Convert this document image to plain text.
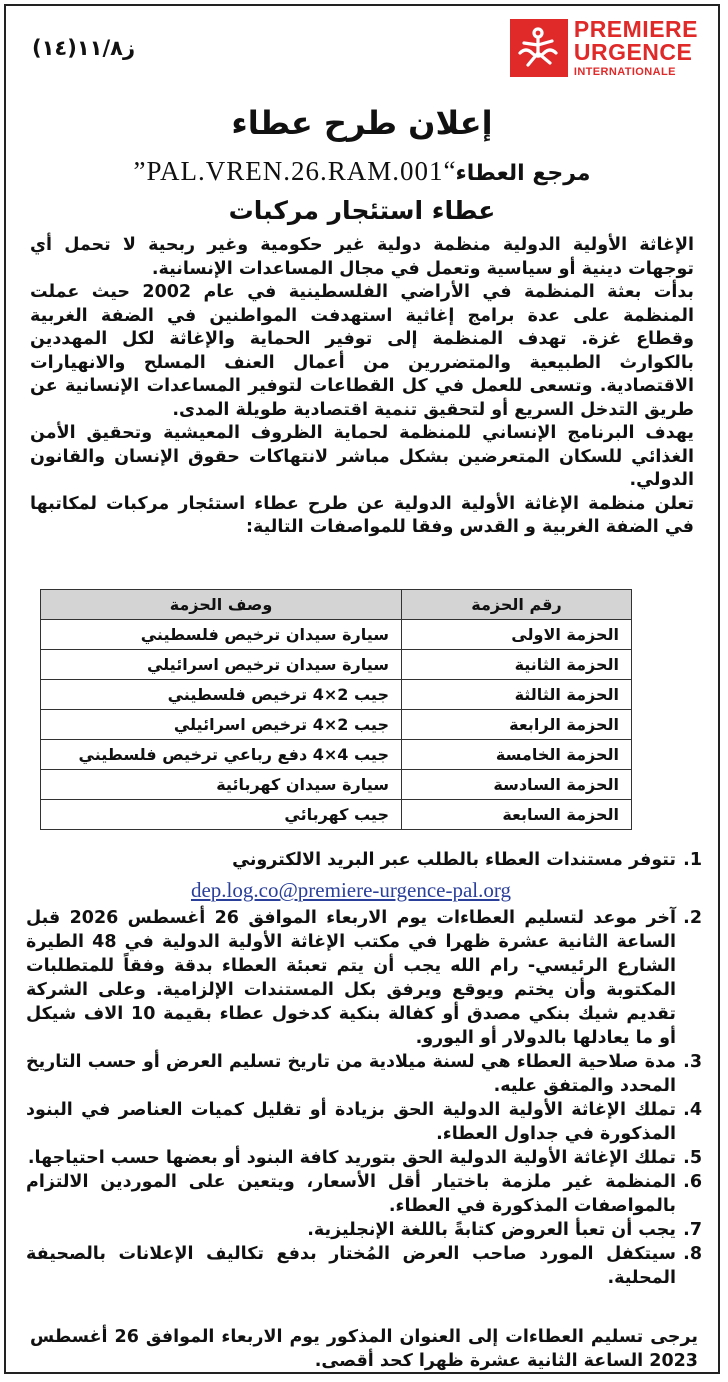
ز١١/٨(١٤)
PREMIERE
URGENCE
INTERNATIONALE
إعلان طرح عطاء
مرجع العطاء“PAL.VREN.26.RAM.001”
عطاء استئجار مركبات

الإغاثة الأولية الدولية منظمة دولية غير حكومية وغير ربحية لا تحمل أي توجهات دينية أو سياسية وتعمل في مجال المساعدات الإنسانية.

بدأت بعثة المنظمة في الأراضي الفلسطينية في عام 2002 حيث عملت المنظمة على عدة برامج إغاثية استهدفت المواطنين في الضفة الغربية وقطاع غزة. تهدف المنظمة إلى توفير الحماية والإغاثة لكل المهددين بالكوارث الطبيعية والمتضررين من أعمال العنف المسلح والانهيارات الاقتصادية. وتسعى للعمل في كل القطاعات لتوفير المساعدات الإنسانية عن طريق التدخل السريع أو لتحقيق تنمية اقتصادية طويلة المدى.

يهدف البرنامج الإنساني للمنظمة لحماية الظروف المعيشية وتحقيق الأمن الغذائي للسكان المتعرضين بشكل مباشر لانتهاكات حقوق الإنسان والقانون الدولي.

تعلن منظمة الإغاثة الأولية الدولية عن طرح عطاء استئجار مركبات لمكاتبها في الضفة الغربية و القدس وفقا للمواصفات التالية:

رقم الحزمة	وصف الحزمة
الحزمة الاولى	سيارة سيدان ترخيص فلسطيني
الحزمة الثانية	سيارة سيدان ترخيص اسرائيلي
الحزمة الثالثة	جيب 2×4 ترخيص فلسطيني
الحزمة الرابعة	جيب 2×4 ترخيص اسرائيلي
الحزمة الخامسة	جيب 4×4 دفع رباعي ترخيص فلسطيني
الحزمة السادسة	سيارة سيدان كهربائية
الحزمة السابعة	جيب كهربائي
1.
تتوفر مستندات العطاء بالطلب عبر البريد الالكتروني
dep.log.co@premiere-urgence-pal.org
2.
آخر موعد لتسليم العطاءات يوم الاربعاء الموافق 26 أغسطس 2026 قبل الساعة الثانية عشرة ظهرا في مكتب الإغاثة الأولية الدولية في 48 الطيرة الشارع الرئيسي- رام الله يجب أن يتم تعبئة العطاء بدقة وفقاً للمتطلبات المكتوبة وأن يختم ويوقع ويرفق بكل المستندات الإلزامية. وعلى الشركة تقديم شيك بنكي مصدق أو كفالة بنكية كدخول عطاء بقيمة 10 الاف شيكل أو ما يعادلها بالدولار أو اليورو.
3.
مدة صلاحية العطاء هي لسنة ميلادية من تاريخ تسليم العرض أو حسب التاريخ المحدد والمتفق عليه.
4.
تملك الإغاثة الأولية الدولية الحق بزيادة أو تقليل كميات العناصر في البنود المذكورة في جداول العطاء.
5.
تملك الإغاثة الأولية الدولية الحق بتوريد كافة البنود أو بعضها حسب احتياجها.
6.
المنظمة غير ملزمة باختيار أقل الأسعار، ويتعين على الموردين الالتزام بالمواصفات المذكورة في العطاء.
7.
يجب أن تعبأ العروض كتابةً باللغة الإنجليزية.
8.
سيتكفل المورد صاحب العرض المُختار بدفع تكاليف الإعلانات بالصحيفة المحلية.
يرجى تسليم العطاءات إلى العنوان المذكور يوم الاربعاء الموافق 26 أغسطس 2023 الساعة الثانية عشرة ظهرا كحد أقصى.
